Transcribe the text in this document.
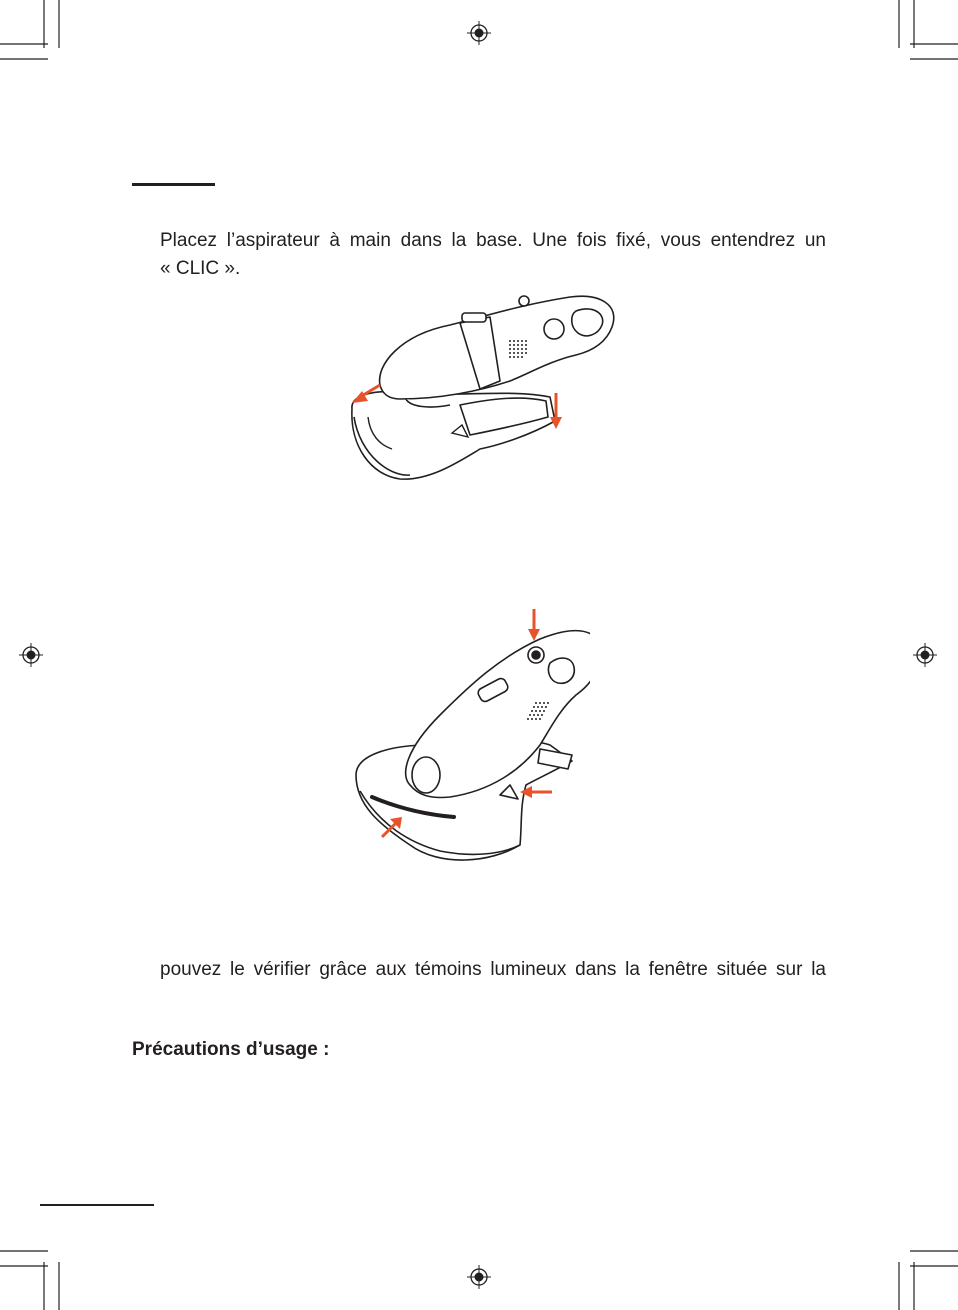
Placez l’aspirateur à main dans la base. Une fois fixé, vous entendrez un
« CLIC ».
pouvez le vérifier grâce aux témoins lumineux dans la fenêtre située sur la
Précautions d’usage :
